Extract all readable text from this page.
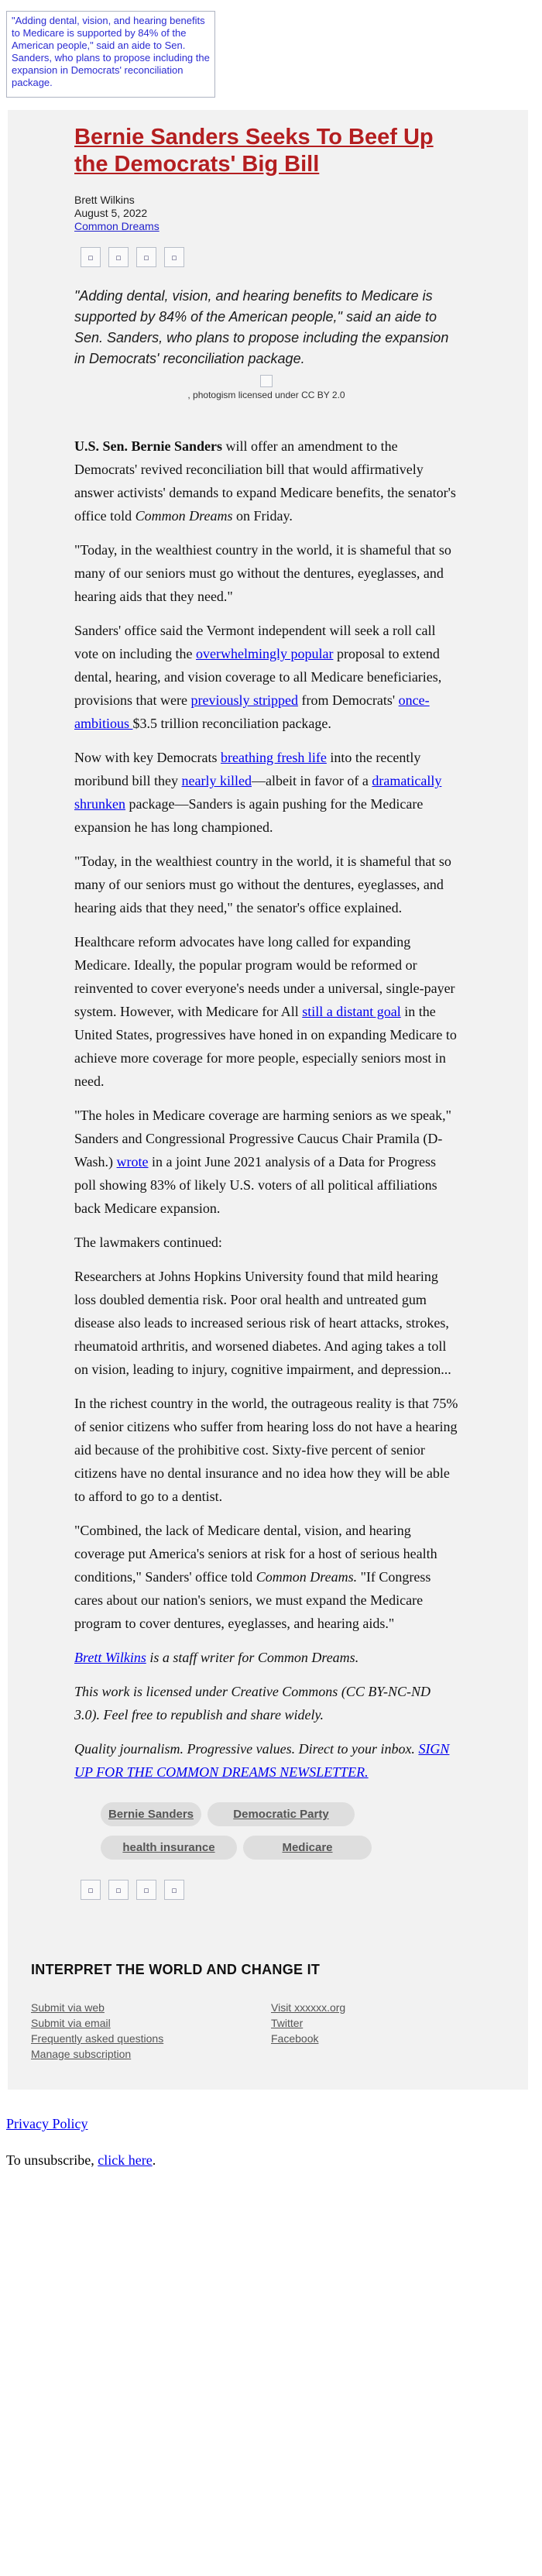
"Adding dental, vision, and hearing benefits to Medicare is supported by 84% of the American people," said an aide to Sen. Sanders, who plans to propose including the expansion in Democrats' reconciliation package.
Bernie Sanders Seeks To Beef Up the Democrats' Big Bill
Brett Wilkins
August 5, 2022
Common Dreams
▫	▫	▫	▫
"Adding dental, vision, and hearing benefits to Medicare is supported by 84% of the American people," said an aide to Sen. Sanders, who plans to propose including the expansion in Democrats' reconciliation package.
, photogism licensed under CC BY 2.0

U.S. Sen. Bernie Sanders will offer an amendment to the Democrats' revived reconciliation bill that would affirmatively answer activists' demands to expand Medicare benefits, the senator's office told Common Dreams on Friday.

"Today, in the wealthiest country in the world, it is shameful that so many of our seniors must go without the dentures, eyeglasses, and hearing aids that they need."

Sanders' office said the Vermont independent will seek a roll call vote on including the overwhelmingly popular proposal to extend dental, hearing, and vision coverage to all Medicare beneficiaries, provisions that were previously stripped from Democrats' once-ambitious $3.5 trillion reconciliation package.

Now with key Democrats breathing fresh life into the recently moribund bill they nearly killed—albeit in favor of a dramatically shrunken package—Sanders is again pushing for the Medicare expansion he has long championed.

"Today, in the wealthiest country in the world, it is shameful that so many of our seniors must go without the dentures, eyeglasses, and hearing aids that they need," the senator's office explained.

Healthcare reform advocates have long called for expanding Medicare. Ideally, the popular program would be reformed or reinvented to cover everyone's needs under a universal, single-payer system. However, with Medicare for All still a distant goal in the United States, progressives have honed in on expanding Medicare to achieve more coverage for more people, especially seniors most in need.

"The holes in Medicare coverage are harming seniors as we speak," Sanders and Congressional Progressive Caucus Chair Pramila (D-Wash.) wrote in a joint June 2021 analysis of a Data for Progress poll showing 83% of likely U.S. voters of all political affiliations back Medicare expansion.

The lawmakers continued:

Researchers at Johns Hopkins University found that mild hearing loss doubled dementia risk. Poor oral health and untreated gum disease also leads to increased serious risk of heart attacks, strokes, rheumatoid arthritis, and worsened diabetes. And aging takes a toll on vision, leading to injury, cognitive impairment, and depression...

In the richest country in the world, the outrageous reality is that 75% of senior citizens who suffer from hearing loss do not have a hearing aid because of the prohibitive cost. Sixty-five percent of senior citizens have no dental insurance and no idea how they will be able to afford to go to a dentist.

"Combined, the lack of Medicare dental, vision, and hearing coverage put America's seniors at risk for a host of serious health conditions," Sanders' office told Common Dreams. "If Congress cares about our nation's seniors, we must expand the Medicare program to cover dentures, eyeglasses, and hearing aids."

Brett Wilkins is a staff writer for Common Dreams.

This work is licensed under Creative Commons (CC BY-NC-ND 3.0). Feel free to republish and share widely.

Quality journalism. Progressive values. Direct to your inbox. SIGN UP FOR THE COMMON DREAMS NEWSLETTER.

Bernie Sanders	Democratic Party
health insurance	Medicare
▫	▫	▫	▫
INTERPRET THE WORLD AND CHANGE IT
Submit via web
Submit via email
Frequently asked questions
Manage subscription
Visit xxxxxx.org
Twitter
Facebook
Privacy Policy
To unsubscribe, click here.
